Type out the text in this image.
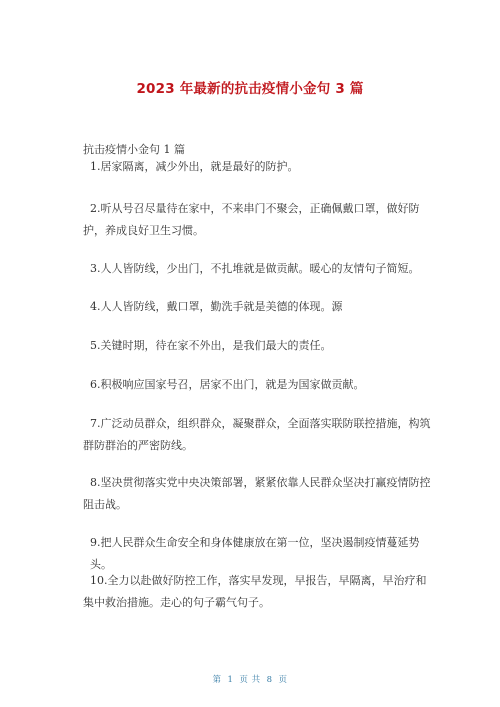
2023 年最新的抗击疫情小金句 3 篇
抗击疫情小金句 1 篇
1.居家隔离，减少外出，就是最好的防护。
2.听从号召尽量待在家中，不来串门不聚会，正确佩戴口罩，做好防护，养成良好卫生习惯。
3.人人皆防线，少出门，不扎堆就是做贡献。暖心的友情句子简短。
4.人人皆防线，戴口罩，勤洗手就是美德的体现。源
5.关键时期，待在家不外出，是我们最大的责任。
6.积极响应国家号召，居家不出门，就是为国家做贡献。
7.广泛动员群众，组织群众，凝聚群众，全面落实联防联控措施，构筑群防群治的严密防线。
8.坚决贯彻落实党中央决策部署，紧紧依靠人民群众坚决打赢疫情防控阻击战。
9.把人民群众生命安全和身体健康放在第一位，坚决遏制疫情蔓延势头。
10.全力以赴做好防控工作，落实早发现，早报告，早隔离，早治疗和集中救治措施。走心的句子霸气句子。
第 1 页 共 8 页
